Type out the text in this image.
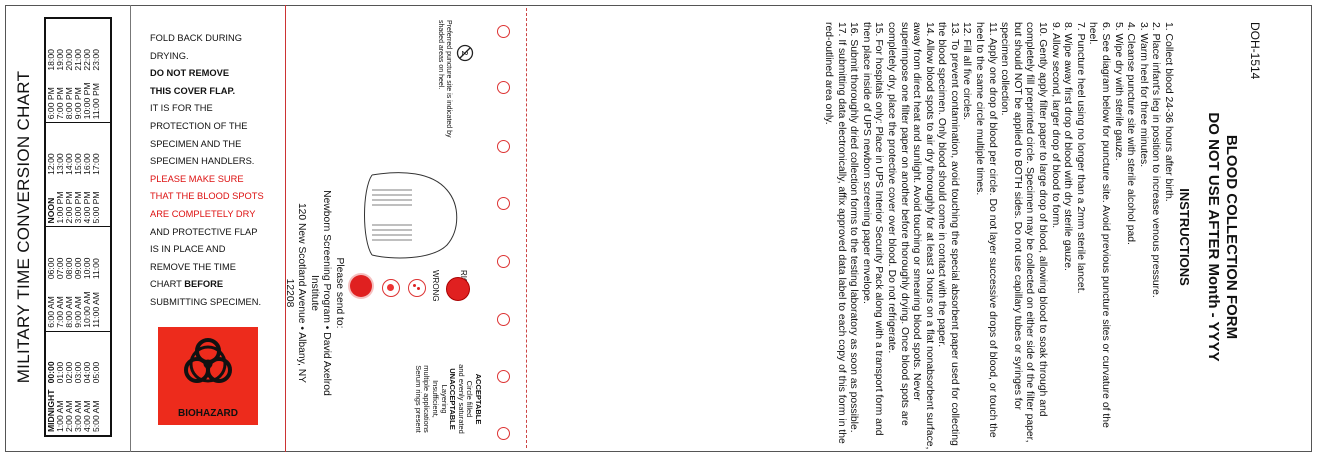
MILITARY TIME CONVERSION CHART
MIDNIGHT 1:00 AM 2:00 AM 3:00 AM 4:00 AM 5:00 AM
00:00 01:00 02:00 03:00 04:00 05:00
6:00 AM 7:00 AM 8:00 AM 9:00 AM 10:00 AM 11:00 AM
06:00 07:00 08:00 09:00 10:00 11:00
NOON 1:00 PM 2:00 PM 3:00 PM 4:00 PM 5:00 PM
12:00 13:00 14:00 15:00 16:00 17:00
6:00 PM 7:00 PM 8:00 PM 9:00 PM 10:00 PM 11:00 PM
18:00 19:00 20:00 21:00 22:00 23:00
FOLD BACK DURING
DRYING.
DO NOT REMOVE
THIS COVER FLAP.
IT IS FOR THE
PROTECTION OF THE
SPECIMEN AND THE
SPECIMEN HANDLERS.
PLEASE MAKE SURE
THAT THE BLOOD SPOTS
ARE COMPLETELY DRY
AND PROTECTIVE FLAP
IS IN PLACE AND
REMOVE THE TIME
CHART BEFORE
SUBMITTING SPECIMEN.
BIOHAZARD
DOH-1514
BLOOD COLLECTION FORM
DO NOT USE AFTER Month - YYYY
INSTRUCTIONS
1. Collect blood 24-36 hours after birth.
2. Place infant's leg in position to increase venous pressure.
3. Warm heel for three minutes.
4. Cleanse puncture site with sterile alcohol pad.
5. Wipe dry with sterile gauze.
6. See diagram below for puncture site. Avoid previous puncture sites or curvature of the heel.
7. Puncture heel using no longer than a 2mm sterile lancet.
8. Wipe away first drop of blood with dry sterile gauze.
9. Allow second, larger drop of blood to form.
10. Gently apply filter paper to large drop of blood, allowing blood to soak through and completely fill preprinted circle. Specimen may be collected on either side of the filter paper, but should NOT be applied to BOTH sides. Do not use capillary tubes or syringes for specimen collection.
11. Apply one drop of blood per circle. Do not layer successive drops of blood, or touch the heel to the same circle multiple times.
12. Fill all five circles.
13. To prevent contamination, avoid touching the special absorbent paper used for collecting the blood specimen. Only blood should come in contact with the paper.
14. Allow blood spots to air dry thoroughly for at least 3 hours on a flat nonabsorbent surface, away from direct heat and sunlight. Avoid touching or smearing blood spots. Never superimpose one filter paper on another before thoroughly drying. Once blood spots are completely dry, place the protective cover over blood. Do not refrigerate.
15. For hospitals only: Place in UPS Interior Security Pack along with a transport form and then place inside of UPS newborn screening paper envelope.
16. Submit thoroughly dried collection forms to the testing laboratory as soon as possible.
17. If submitting data electronically, affix approved data label to each copy of this form in the red-outlined area only.
2
Preferred puncture site is indicated by shaded areas on heel.
Please send to:
Newborn Screening Program • David Axelrod Institute
120 New Scotland Avenue • Albany, NY 12208	WRONG
ACCEPTABLE
Circle filled
and evenly saturated
UNACCEPTABLE
Layering
Insufficient,
multiple applications
Serum rings present
